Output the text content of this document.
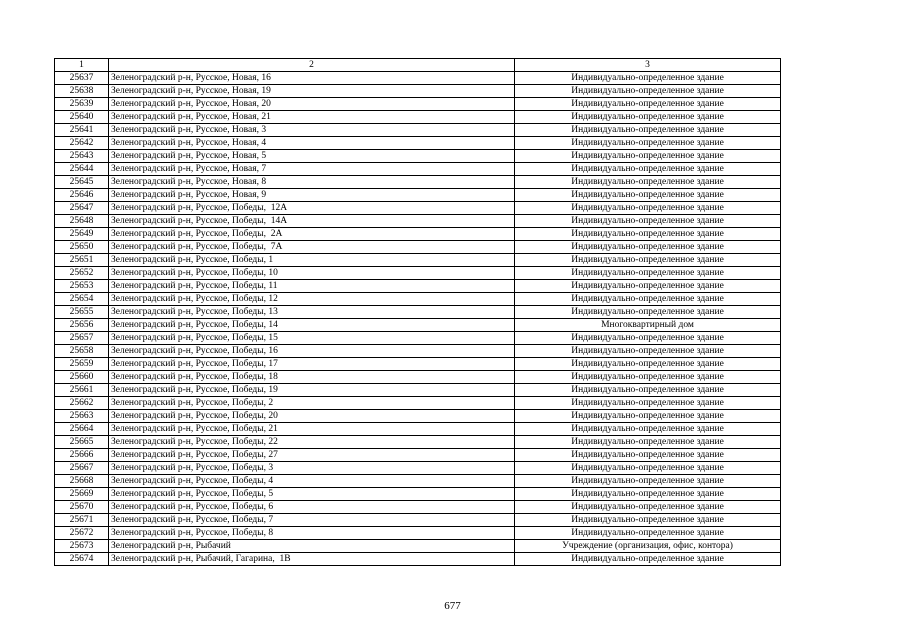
1	2	3
25637	Зеленоградский р-н, Русское, Новая, 16	Индивидуально-определенное здание
25638	Зеленоградский р-н, Русское, Новая, 19	Индивидуально-определенное здание
25639	Зеленоградский р-н, Русское, Новая, 20	Индивидуально-определенное здание
25640	Зеленоградский р-н, Русское, Новая, 21	Индивидуально-определенное здание
25641	Зеленоградский р-н, Русское, Новая, 3	Индивидуально-определенное здание
25642	Зеленоградский р-н, Русское, Новая, 4	Индивидуально-определенное здание
25643	Зеленоградский р-н, Русское, Новая, 5	Индивидуально-определенное здание
25644	Зеленоградский р-н, Русское, Новая, 7	Индивидуально-определенное здание
25645	Зеленоградский р-н, Русское, Новая, 8	Индивидуально-определенное здание
25646	Зеленоградский р-н, Русское, Новая, 9	Индивидуально-определенное здание
25647	Зеленоградский р-н, Русское, Победы,  12А	Индивидуально-определенное здание
25648	Зеленоградский р-н, Русское, Победы,  14А	Индивидуально-определенное здание
25649	Зеленоградский р-н, Русское, Победы,  2А	Индивидуально-определенное здание
25650	Зеленоградский р-н, Русское, Победы,  7А	Индивидуально-определенное здание
25651	Зеленоградский р-н, Русское, Победы, 1	Индивидуально-определенное здание
25652	Зеленоградский р-н, Русское, Победы, 10	Индивидуально-определенное здание
25653	Зеленоградский р-н, Русское, Победы, 11	Индивидуально-определенное здание
25654	Зеленоградский р-н, Русское, Победы, 12	Индивидуально-определенное здание
25655	Зеленоградский р-н, Русское, Победы, 13	Индивидуально-определенное здание
25656	Зеленоградский р-н, Русское, Победы, 14	Многоквартирный дом
25657	Зеленоградский р-н, Русское, Победы, 15	Индивидуально-определенное здание
25658	Зеленоградский р-н, Русское, Победы, 16	Индивидуально-определенное здание
25659	Зеленоградский р-н, Русское, Победы, 17	Индивидуально-определенное здание
25660	Зеленоградский р-н, Русское, Победы, 18	Индивидуально-определенное здание
25661	Зеленоградский р-н, Русское, Победы, 19	Индивидуально-определенное здание
25662	Зеленоградский р-н, Русское, Победы, 2	Индивидуально-определенное здание
25663	Зеленоградский р-н, Русское, Победы, 20	Индивидуально-определенное здание
25664	Зеленоградский р-н, Русское, Победы, 21	Индивидуально-определенное здание
25665	Зеленоградский р-н, Русское, Победы, 22	Индивидуально-определенное здание
25666	Зеленоградский р-н, Русское, Победы, 27	Индивидуально-определенное здание
25667	Зеленоградский р-н, Русское, Победы, 3	Индивидуально-определенное здание
25668	Зеленоградский р-н, Русское, Победы, 4	Индивидуально-определенное здание
25669	Зеленоградский р-н, Русское, Победы, 5	Индивидуально-определенное здание
25670	Зеленоградский р-н, Русское, Победы, 6	Индивидуально-определенное здание
25671	Зеленоградский р-н, Русское, Победы, 7	Индивидуально-определенное здание
25672	Зеленоградский р-н, Русское, Победы, 8	Индивидуально-определенное здание
25673	Зеленоградский р-н, Рыбачий	Учреждение (организация, офис, контора)
25674	Зеленоградский р-н, Рыбачий, Гагарина,  1В	Индивидуально-определенное здание
677
